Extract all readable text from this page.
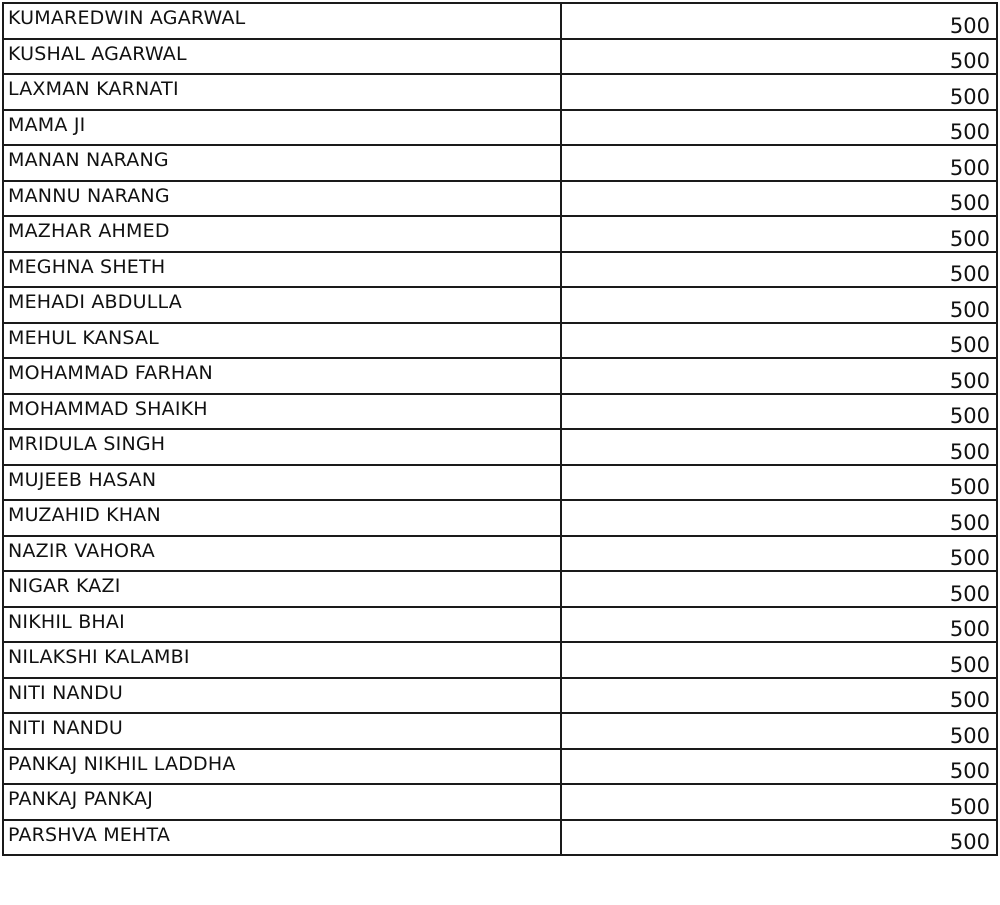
KUMAREDWIN AGARWAL	500
KUSHAL AGARWAL	500
LAXMAN KARNATI	500
MAMA JI	500
MANAN NARANG	500
MANNU NARANG	500
MAZHAR AHMED	500
MEGHNA SHETH	500
MEHADI ABDULLA	500
MEHUL KANSAL	500
MOHAMMAD FARHAN	500
MOHAMMAD SHAIKH	500
MRIDULA SINGH	500
MUJEEB HASAN	500
MUZAHID KHAN	500
NAZIR VAHORA	500
NIGAR KAZI	500
NIKHIL BHAI	500
NILAKSHI KALAMBI	500
NITI NANDU	500
NITI NANDU	500
PANKAJ NIKHIL LADDHA	500
PANKAJ PANKAJ	500
PARSHVA MEHTA	500
